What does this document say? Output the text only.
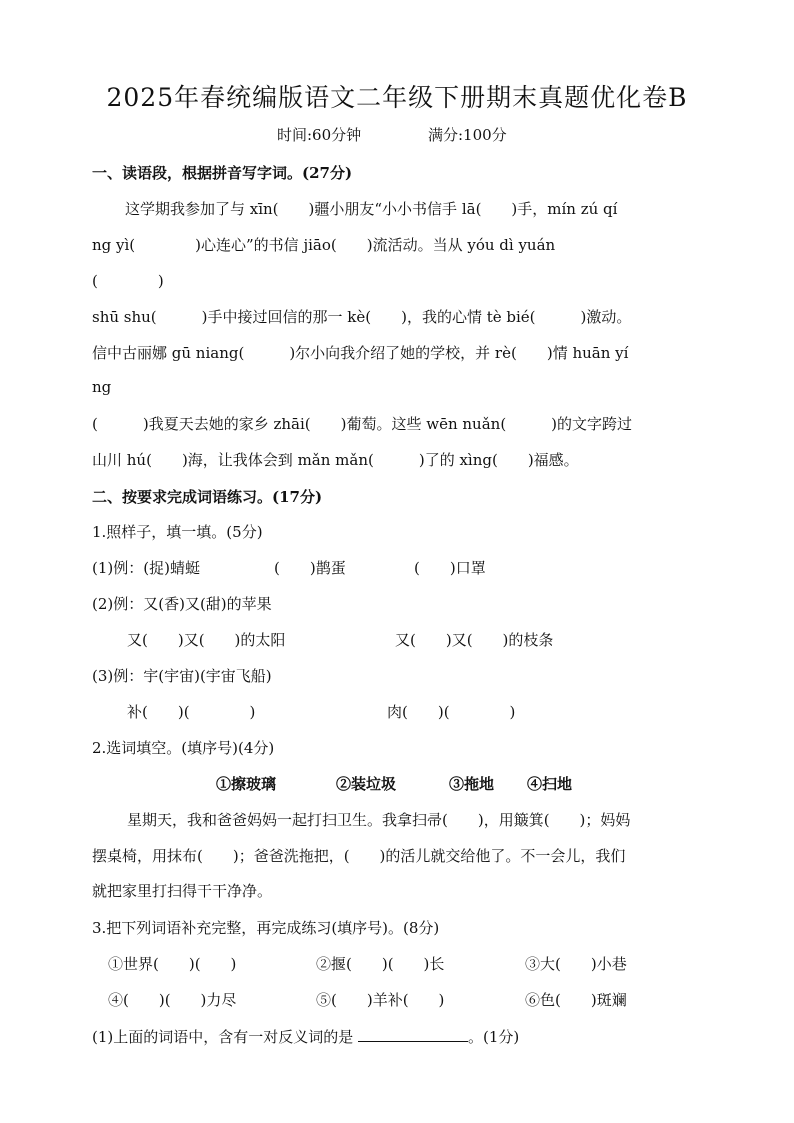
2025年春统编版语文二年级下册期末真题优化卷B
时间:60分钟	满分:100分
一、读语段，根据拼音写字词。(27分)
这学期我参加了与 xīn(　　)疆小朋友“小小书信手 lā(　　)手，mín zú qí
ng yì(　　　　)心连心”的书信 jiāo(　　)流活动。当从 yóu dì yuán
(　　　　)
shū shu(　　　)手中接过回信的那一 kè(　　)，我的心情 tè bié(　　　)激动。
信中古丽娜 gū niang(　　　)尔小向我介绍了她的学校，并 rè(　　)情 huān yí
ng
(　　　)我夏天去她的家乡 zhāi(　　)葡萄。这些 wēn nuǎn(　　　)的文字跨过
山川 hú(　　)海，让我体会到 mǎn mǎn(　　　)了的 xìng(　　)福感。
二、按要求完成词语练习。(17分)
1.照样子，填一填。(5分)
(1)例：(捉)蜻蜓	(　　)鹊蛋	(　　)口罩
(2)例：又(香)又(甜)的苹果
又(　　)又(　　)的太阳	又(　　)又(　　)的枝条
(3)例：宇(宇宙)(宇宙飞船)
补(　　)(　　　　)	肉(　　)(　　　　)
2.选词填空。(填序号)(4分)
①擦玻璃	②装垃圾	③拖地 ④扫地
星期天，我和爸爸妈妈一起打扫卫生。我拿扫帚(　　)，用簸箕(　　)；妈妈
摆桌椅，用抹布(　　)；爸爸洗拖把，(　　)的活儿就交给他了。不一会儿，我们
就把家里打扫得干干净净。
3.把下列词语补充完整，再完成练习(填序号)。(8分)
①世界(　　)(　　)	②揠(　　)(　　)长	③大(　　)小巷
④(　　)(　　)力尽	⑤(　　)羊补(　　)	⑥色(　　)斑斓
(1)上面的词语中，含有一对反义词的是	。(1分)
